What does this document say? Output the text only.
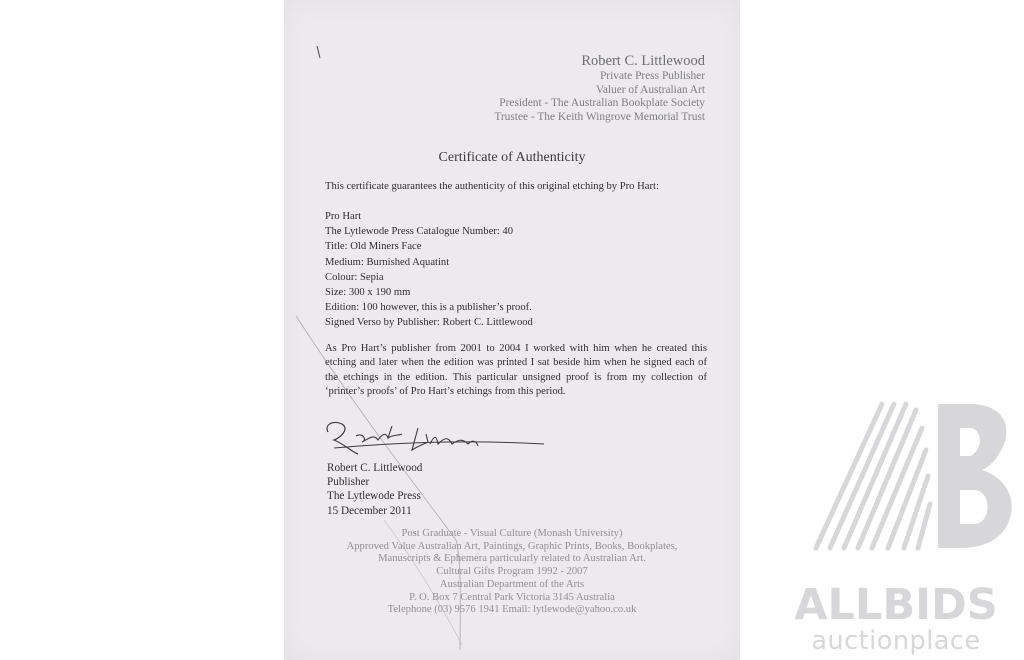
Robert C. Littlewood
Private Press Publisher
Valuer of Australian Art
President - The Australian Bookplate Society
Trustee - The Keith Wingrove Memorial Trust
Certificate of Authenticity
This certificate guarantees the authenticity of this original etching by Pro Hart:
Pro Hart
The Lytlewode Press Catalogue Number: 40
Title: Old Miners Face
Medium: Burnished Aquatint
Colour: Sepia
Size: 300 x 190 mm
Edition: 100 however, this is a publisher’s proof.
Signed Verso by Publisher: Robert C. Littlewood
As Pro Hart’s publisher from 2001 to 2004 I worked with him when he created this etching and later when the edition was printed I sat beside him when he signed each of the etchings in the edition. This particular unsigned proof is from my collection of ‘printer’s proofs’ of Pro Hart’s etchings from this period.
Robert C. Littlewood
Publisher
The Lytlewode Press
15 December 2011
Post Graduate - Visual Culture (Monash University)
Approved Value Australian Art, Paintings, Graphic Prints, Books, Bookplates,
Manuscripts & Ephemera particularly related to Australian Art.
Cultural Gifts Program 1992 - 2007
Australian Department of the Arts
P. O. Box 7 Central Park Victoria 3145 Australia
Telephone (03) 9576 1941 Email: lytlewode@yahoo.co.uk	ALLBIDS
auctionplace
